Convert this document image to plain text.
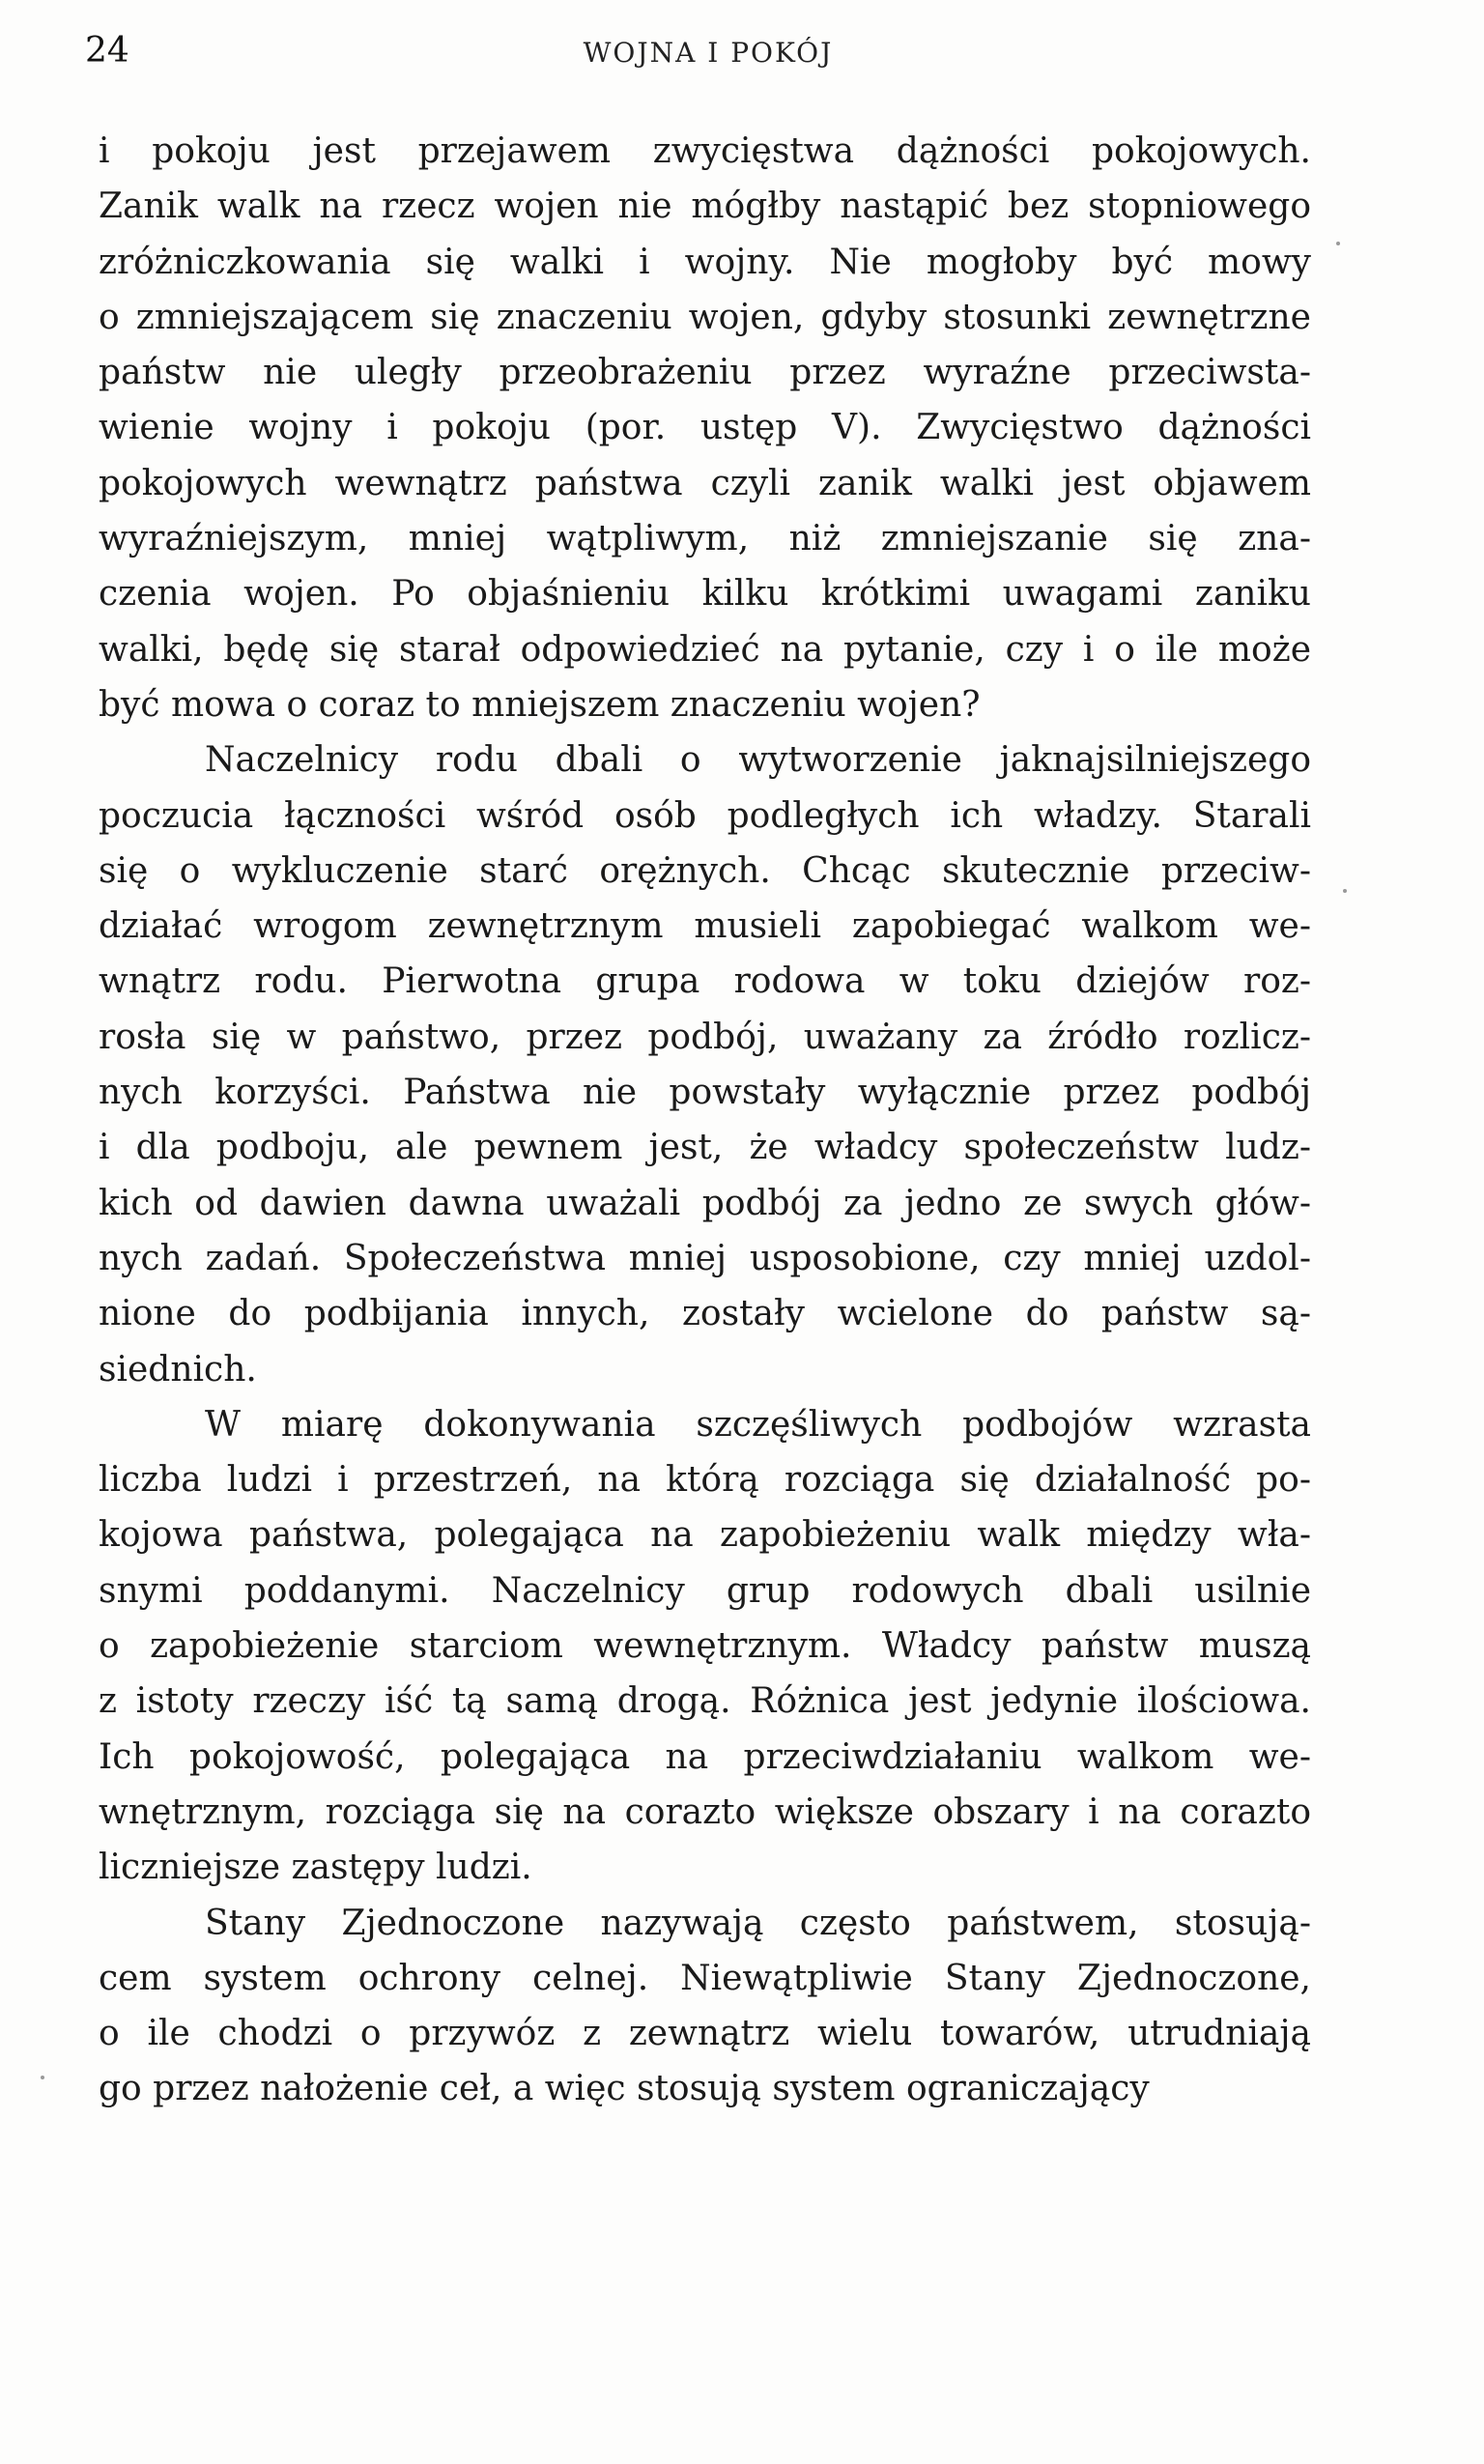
24	WOJNA I POKÓJ
i pokoju jest przejawem zwycięstwa dążności pokojowych.
Zanik walk na rzecz wojen nie mógłby nastąpić bez stopniowego
zróżniczkowania się walki i wojny. Nie mogłoby być mowy
o zmniejszającem się znaczeniu wojen, gdyby stosunki zewnętrzne
państw nie uległy przeobrażeniu przez wyraźne przeciwsta-
wienie wojny i pokoju (por. ustęp V). Zwycięstwo dążności
pokojowych wewnątrz państwa czyli zanik walki jest objawem
wyraźniejszym, mniej wątpliwym, niż zmniejszanie się zna-
czenia wojen. Po objaśnieniu kilku krótkimi uwagami zaniku
walki, będę się starał odpowiedzieć na pytanie, czy i o ile może
być mowa o coraz to mniejszem znaczeniu wojen?
Naczelnicy rodu dbali o wytworzenie jaknajsilniejszego
poczucia łączności wśród osób podległych ich władzy. Starali
się o wykluczenie starć orężnych. Chcąc skutecznie przeciw-
działać wrogom zewnętrznym musieli zapobiegać walkom we-
wnątrz rodu. Pierwotna grupa rodowa w toku dziejów roz-
rosła się w państwo, przez podbój, uważany za źródło rozlicz-
nych korzyści. Państwa nie powstały wyłącznie przez podbój
i dla podboju, ale pewnem jest, że władcy społeczeństw ludz-
kich od dawien dawna uważali podbój za jedno ze swych głów-
nych zadań. Społeczeństwa mniej usposobione, czy mniej uzdol-
nione do podbijania innych, zostały wcielone do państw są-
siednich.
W miarę dokonywania szczęśliwych podbojów wzrasta
liczba ludzi i przestrzeń, na którą rozciąga się działalność po-
kojowa państwa, polegająca na zapobieżeniu walk między wła-
snymi poddanymi. Naczelnicy grup rodowych dbali usilnie
o zapobieżenie starciom wewnętrznym. Władcy państw muszą
z istoty rzeczy iść tą samą drogą. Różnica jest jedynie ilościowa.
Ich pokojowość, polegająca na przeciwdziałaniu walkom we-
wnętrznym, rozciąga się na corazto większe obszary i na corazto
liczniejsze zastępy ludzi.
Stany Zjednoczone nazywają często państwem, stosują-
cem system ochrony celnej. Niewątpliwie Stany Zjednoczone,
o ile chodzi o przywóz z zewnątrz wielu towarów, utrudniają
go przez nałożenie ceł, a więc stosują system ograniczający
